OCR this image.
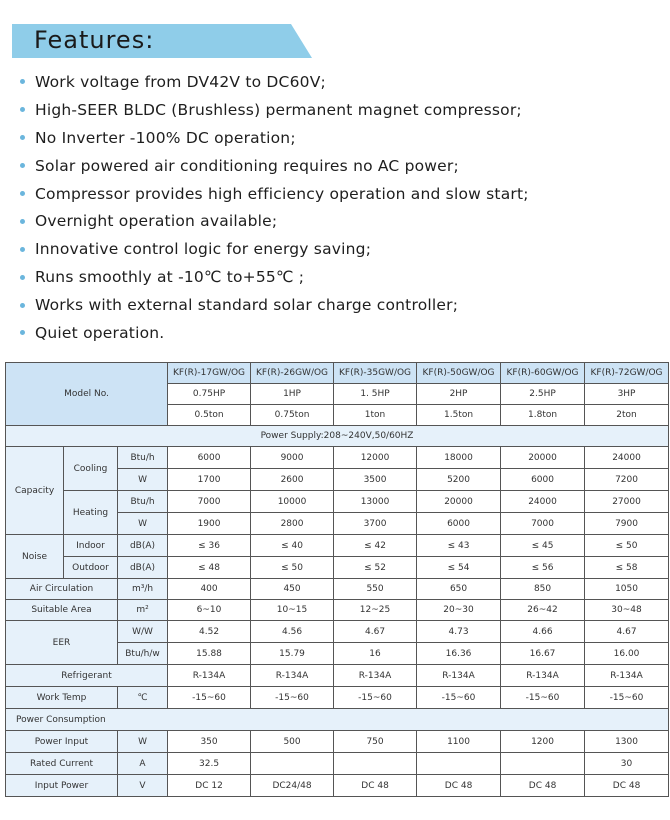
Features:
Work voltage from DV42V to DC60V;
High-SEER BLDC (Brushless) permanent magnet compressor;
No Inverter -100% DC operation;
Solar powered air conditioning requires no AC power;
Compressor provides high efficiency operation and slow start;
Overnight operation available;
Innovative control logic for energy saving;
Runs smoothly at -10℃ to+55℃ ;
Works with external standard solar charge controller;
Quiet operation.
Model No.			KF(R)-17GW/OG	KF(R)-26GW/OG	KF(R)-35GW/OG	KF(R)-50GW/OG	KF(R)-60GW/OG	KF(R)-72GW/OG
			0.75HP	1HP	1. 5HP	2HP	2.5HP	3HP
			0.5ton	0.75ton	1ton	1.5ton	1.8ton	2ton
Power Supply:208~240V,50/60HZ								
Capacity	Cooling	Btu/h	6000	9000	12000	18000	20000	24000
		W	1700	2600	3500	5200	6000	7200
	Heating	Btu/h	7000	10000	13000	20000	24000	27000
		W	1900	2800	3700	6000	7000	7900
Noise	Indoor	dB(A)	≤ 36	≤ 40	≤ 42	≤ 43	≤ 45	≤ 50
	Outdoor	dB(A)	≤ 48	≤ 50	≤ 52	≤ 54	≤ 56	≤ 58
Air Circulation		m³/h	400	450	550	650	850	1050
Suitable Area		m²	6~10	10~15	12~25	20~30	26~42	30~48
EER		W/W	4.52	4.56	4.67	4.73	4.66	4.67
		Btu/h/w	15.88	15.79	16	16.36	16.67	16.00
Refrigerant			R-134A	R-134A	R-134A	R-134A	R-134A	R-134A
Work Temp		℃	-15~60	-15~60	-15~60	-15~60	-15~60	-15~60
Power Consumption								
Power Input		W	350	500	750	1100	1200	1300
Rated Current		A	32.5					30
Input Power		V	DC 12	DC24/48	DC 48	DC 48	DC 48	DC 48
